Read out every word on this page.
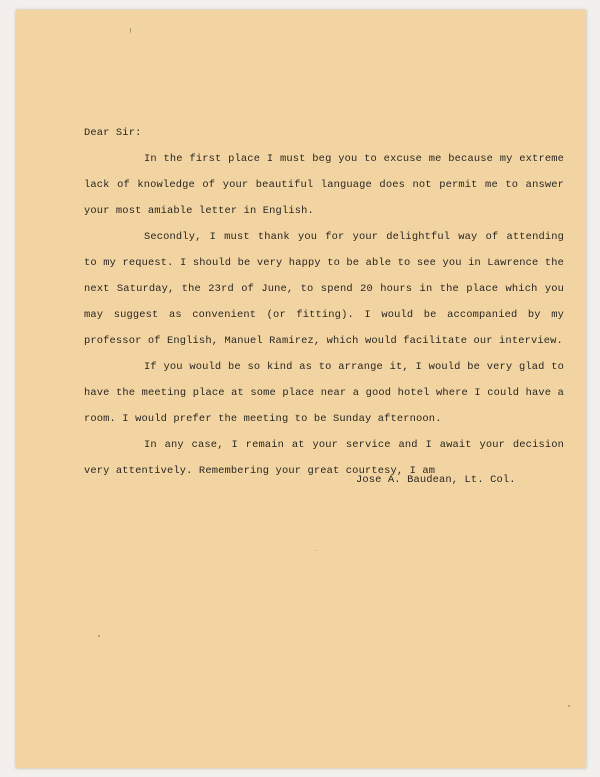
Dear Sir:

In the first place I must beg you to excuse me because my extreme lack of knowledge of your beautiful language does not permit me to answer your most amiable letter in English.

Secondly, I must thank you for your delightful way of attending to my request. I should be very happy to be able to see you in Lawrence the next Saturday, the 23rd of June, to spend 20 hours in the place which you may suggest as convenient (or fitting). I would be accompanied by my professor of English, Manuel Ramirez, which would facilitate our interview.

If you would be so kind as to arrange it, I would be very glad to have the meeting place at some place near a good hotel where I could have a room. I would prefer the meeting to be Sunday afternoon.

In any case, I remain at your service and I await your decision very attentively. Remembering your great courtesy, I am

Jose A. Baudean, Lt. Col.
